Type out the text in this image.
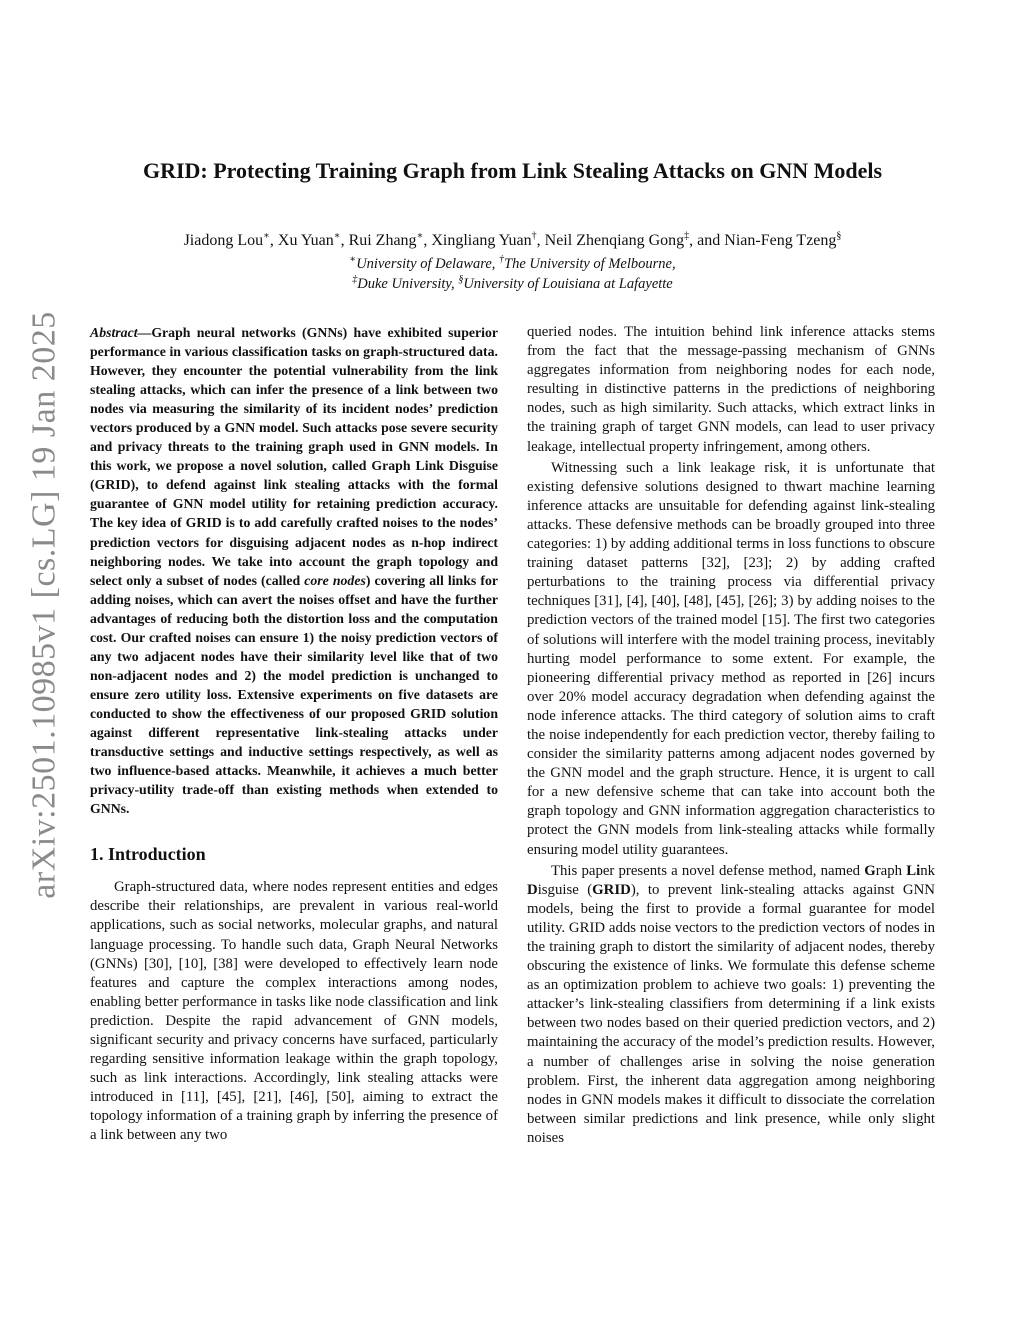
arXiv:2501.10985v1 [cs.LG] 19 Jan 2025
GRID: Protecting Training Graph from Link Stealing Attacks on GNN Models
Jiadong Lou∗, Xu Yuan∗, Rui Zhang∗, Xingliang Yuan†, Neil Zhenqiang Gong‡, and Nian-Feng Tzeng§
∗University of Delaware, †The University of Melbourne,
‡Duke University, §University of Louisiana at Lafayette

Abstract—Graph neural networks (GNNs) have exhibited superior performance in various classification tasks on graph-structured data. However, they encounter the potential vulnerability from the link stealing attacks, which can infer the presence of a link between two nodes via measuring the similarity of its incident nodes’ prediction vectors produced by a GNN model. Such attacks pose severe security and privacy threats to the training graph used in GNN models. In this work, we propose a novel solution, called Graph Link Disguise (GRID), to defend against link stealing attacks with the formal guarantee of GNN model utility for retaining prediction accuracy. The key idea of GRID is to add carefully crafted noises to the nodes’ prediction vectors for disguising adjacent nodes as n-hop indirect neighboring nodes. We take into account the graph topology and select only a subset of nodes (called core nodes) covering all links for adding noises, which can avert the noises offset and have the further advantages of reducing both the distortion loss and the computation cost. Our crafted noises can ensure 1) the noisy prediction vectors of any two adjacent nodes have their similarity level like that of two non-adjacent nodes and 2) the model prediction is unchanged to ensure zero utility loss. Extensive experiments on five datasets are conducted to show the effectiveness of our proposed GRID solution against different representative link-stealing attacks under transductive settings and inductive settings respectively, as well as two influence-based attacks. Meanwhile, it achieves a much better privacy-utility trade-off than existing methods when extended to GNNs.

1. Introduction

Graph-structured data, where nodes represent entities and edges describe their relationships, are prevalent in various real-world applications, such as social networks, molecular graphs, and natural language processing. To handle such data, Graph Neural Networks (GNNs) [30], [10], [38] were developed to effectively learn node features and capture the complex interactions among nodes, enabling better performance in tasks like node classification and link prediction. Despite the rapid advancement of GNN models, significant security and privacy concerns have surfaced, particularly regarding sensitive information leakage within the graph topology, such as link interactions. Accordingly, link stealing attacks were introduced in [11], [45], [21], [46], [50], aiming to extract the topology information of a training graph by inferring the presence of a link between any two

queried nodes. The intuition behind link inference attacks stems from the fact that the message-passing mechanism of GNNs aggregates information from neighboring nodes for each node, resulting in distinctive patterns in the predictions of neighboring nodes, such as high similarity. Such attacks, which extract links in the training graph of target GNN models, can lead to user privacy leakage, intellectual property infringement, among others.

Witnessing such a link leakage risk, it is unfortunate that existing defensive solutions designed to thwart machine learning inference attacks are unsuitable for defending against link-stealing attacks. These defensive methods can be broadly grouped into three categories: 1) by adding additional terms in loss functions to obscure training dataset patterns [32], [23]; 2) by adding crafted perturbations to the training process via differential privacy techniques [31], [4], [40], [48], [45], [26]; 3) by adding noises to the prediction vectors of the trained model [15]. The first two categories of solutions will interfere with the model training process, inevitably hurting model performance to some extent. For example, the pioneering differential privacy method as reported in [26] incurs over 20% model accuracy degradation when defending against the node inference attacks. The third category of solution aims to craft the noise independently for each prediction vector, thereby failing to consider the similarity patterns among adjacent nodes governed by the GNN model and the graph structure. Hence, it is urgent to call for a new defensive scheme that can take into account both the graph topology and GNN information aggregation characteristics to protect the GNN models from link-stealing attacks while formally ensuring model utility guarantees.

This paper presents a novel defense method, named Graph Link Disguise (GRID), to prevent link-stealing attacks against GNN models, being the first to provide a formal guarantee for model utility. GRID adds noise vectors to the prediction vectors of nodes in the training graph to distort the similarity of adjacent nodes, thereby obscuring the existence of links. We formulate this defense scheme as an optimization problem to achieve two goals: 1) preventing the attacker’s link-stealing classifiers from determining if a link exists between two nodes based on their queried prediction vectors, and 2) maintaining the accuracy of the model’s prediction results. However, a number of challenges arise in solving the noise generation problem. First, the inherent data aggregation among neighboring nodes in GNN models makes it difficult to dissociate the correlation between similar predictions and link presence, while only slight noises
